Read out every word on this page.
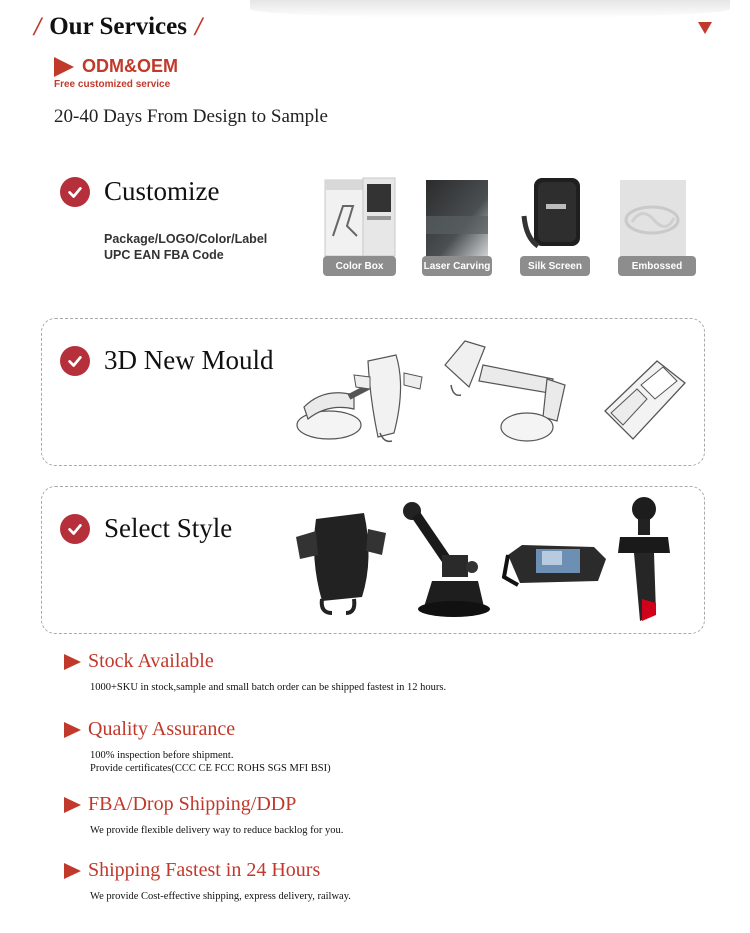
/ Our Services /
ODM&OEM
Free customized service
20-40 Days From Design to Sample
Customize
Package/LOGO/Color/Label
UPC EAN FBA Code
Color Box	Laser Carving	Silk Screen	Embossed
3D New Mould
Select Style
Stock Available
1000+SKU in stock,sample and small batch order can be shipped fastest in 12 hours.
Quality Assurance
100% inspection before shipment.
Provide certificates(CCC CE FCC ROHS SGS MFI BSI)
FBA/Drop Shipping/DDP
We provide flexible delivery way to reduce backlog for you.
Shipping Fastest in 24 Hours
We provide Cost-effective shipping, express delivery, railway.
